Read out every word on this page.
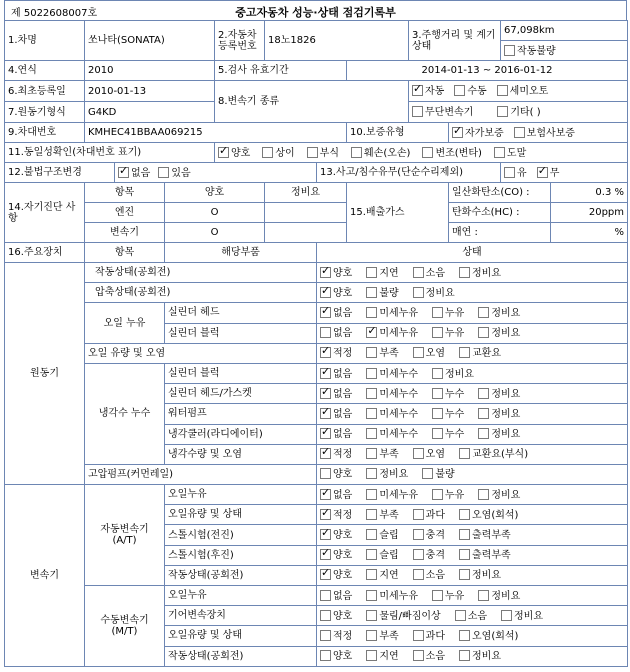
제 5022608007호	중고자동차 성능·상태 점검기록부
1.차명	쏘나타(SONATA)			2.자동차 등록번호	18노1826			3.주행거리 및 계기상태		67,098km	
										작동불량	
4.연식	2010			5.검사 유효기간			2014-01-13 ~ 2016-01-12				
6.최초등록일	2010-01-13			8.변속기 종류	✓자동 수동 세미오토
7.원동기형식	G4KD							무단변속기 기타( )			
9.차대번호	KMHEC41BBAA069215						10.보증유형	✓자가보증 보험사보증
11.동일성확인(차대번호 표기)	✓양호 상이 부식 훼손(오손) 변조(변타) 도말
12.불법구조변경	✓없음 있음				13.사고/침수유무(단순수리제외)				유 ✓ 무
14.자기진단 사항	항목		양호		정비요		15.배출가스		일산화탄소(CO) :		0.3 %
	엔진		O						탄화수소(HC) :		20ppm
	변속기		O						매연 :		%
16.주요장치	항목		해당부품			상태					
원동기	작동상태(공회전)	✓양호 지연 소음 정비요
	압축상태(공회전)	✓양호 불량 정비요
	오일 누유		실린더 헤드	✓없음 미세누유 누유 정비요
			실린더 블럭			없음 ✓ 미세누유 누유 정비요
	오일 유량 및 오염	✓적정 부족 오염 교환요
	냉각수 누수		실린더 블럭	✓없음 미세누수 정비요
			실린더 헤드/가스켓	✓없음 미세누수 누수 정비요
			워터펌프	✓없음 미세누수 누수 정비요
			냉각쿨러(라디에이터)	✓없음 미세누수 누수 정비요
			냉각수량 및 오염	✓적정 부족 오염 교환요(부식)
	고압펌프(커먼레일)					양호 정비요 불량					
변속기	자동변속기 (A/T)		오일누유	✓없음 미세누유 누유 정비요
			오일유량 및 상태	✓적정 부족 과다 오염(회석)
			스톨시험(전진)	✓양호 슬립 충격 출력부족
			스톨시험(후진)	✓양호 슬립 충격 출력부족
			작동상태(공회전)	✓양호 지연 소음 정비요
	수동변속기 (M/T)		오일누유			없음 미세누유 누유 정비요					
			기어변속장치			양호 물림/빠짐이상 소음 정비요					
			오일유량 및 상태			적정 부족 과다 오염(회석)					
			작동상태(공회전)			양호 지연 소음 정비요					
